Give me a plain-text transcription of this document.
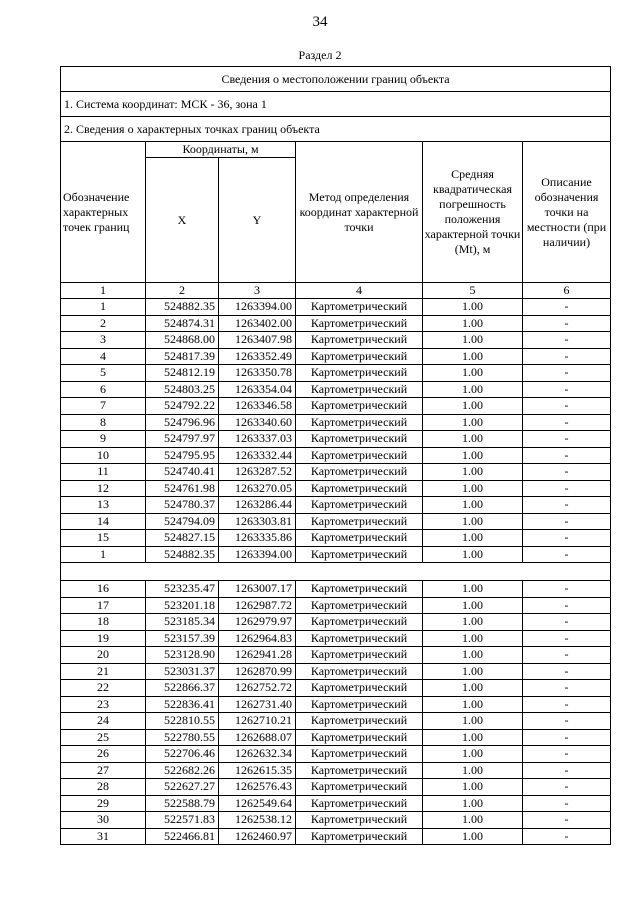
34
Раздел 2
Сведения о местоположении границ объекта					
1. Система координат: МСК - 36, зона 1					
2. Сведения о характерных точках границ объекта					
Обозначение характерных точек границ	Координаты, м		Метод определения координат характерной точки	Средняя квадратическая погрешность положения характерной точки (Mt), м	Описание обозначения точки на местности (при наличии)
	X	Y			
1	2	3	4	5	6
1	524882.35	1263394.00	Картометрический	1.00	-
2	524874.31	1263402.00	Картометрический	1.00	-
3	524868.00	1263407.98	Картометрический	1.00	-
4	524817.39	1263352.49	Картометрический	1.00	-
5	524812.19	1263350.78	Картометрический	1.00	-
6	524803.25	1263354.04	Картометрический	1.00	-
7	524792.22	1263346.58	Картометрический	1.00	-
8	524796.96	1263340.60	Картометрический	1.00	-
9	524797.97	1263337.03	Картометрический	1.00	-
10	524795.95	1263332.44	Картометрический	1.00	-
11	524740.41	1263287.52	Картометрический	1.00	-
12	524761.98	1263270.05	Картометрический	1.00	-
13	524780.37	1263286.44	Картометрический	1.00	-
14	524794.09	1263303.81	Картометрический	1.00	-
15	524827.15	1263335.86	Картометрический	1.00	-
1	524882.35	1263394.00	Картометрический	1.00	-

16	523235.47	1263007.17	Картометрический	1.00	-
17	523201.18	1262987.72	Картометрический	1.00	-
18	523185.34	1262979.97	Картометрический	1.00	-
19	523157.39	1262964.83	Картометрический	1.00	-
20	523128.90	1262941.28	Картометрический	1.00	-
21	523031.37	1262870.99	Картометрический	1.00	-
22	522866.37	1262752.72	Картометрический	1.00	-
23	522836.41	1262731.40	Картометрический	1.00	-
24	522810.55	1262710.21	Картометрический	1.00	-
25	522780.55	1262688.07	Картометрический	1.00	-
26	522706.46	1262632.34	Картометрический	1.00	-
27	522682.26	1262615.35	Картометрический	1.00	-
28	522627.27	1262576.43	Картометрический	1.00	-
29	522588.79	1262549.64	Картометрический	1.00	-
30	522571.83	1262538.12	Картометрический	1.00	-
31	522466.81	1262460.97	Картометрический	1.00	-
